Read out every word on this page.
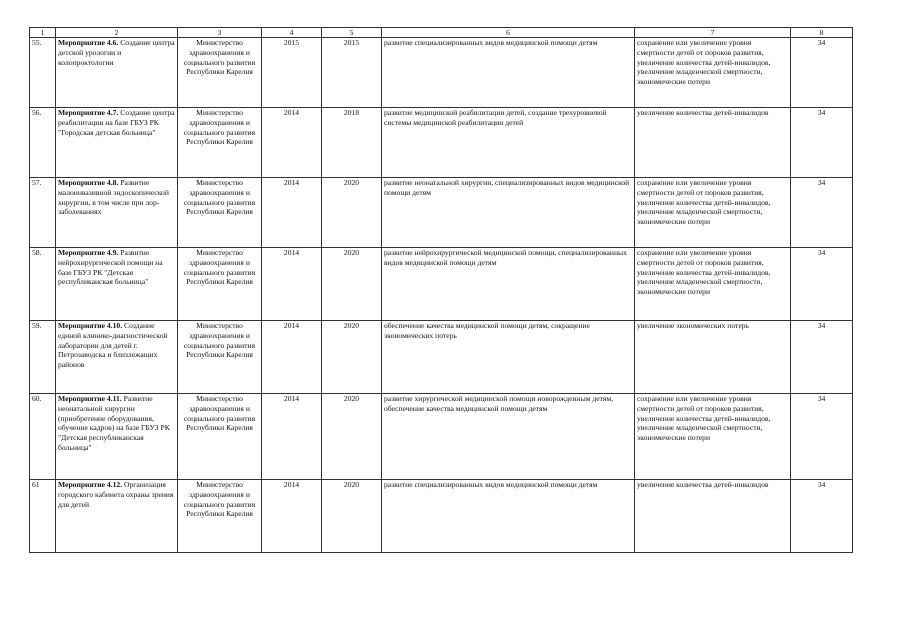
1	2	3	4	5	6	7	8
55.	Мероприятие 4.6. Создание центра детской урологии и колопроктологии	Министерство здравоохранения и социального развития Республики Карелия	2015	2015	развитие специализированных видов медицинской помощи детям	сохранение или увеличение уровня смертности детей от пороков развития, увеличение количества детей-инвалидов, увеличение младенческой смертности, экономические потери	34
56.	Мероприятие 4.7. Создание центра реабилитации на базе ГБУЗ РК "Городская детская больница"	Министерство здравоохранения и социального развития Республики Карелия	2014	2018	развитие медицинской реабилитации детей, создание трехуровневой системы медицинской реабилитации детей	увеличение количества детей-инвалидов	34
57.	Мероприятие 4.8. Развитие малоинвазивной эндоскопической хирургии, в том числе при лор-заболеваниях	Министерство здравоохранения и социального развития Республики Карелия	2014	2020	развитие неонатальной хирургии, специализированных видов медицинской помощи детям	сохранение или увеличение уровня смертности детей от пороков развития, увеличение количества детей-инвалидов, увеличение младенческой смертности, экономические потери	34
58.	Мероприятие 4.9. Развитие нейрохирургической помощи на базе ГБУЗ РК "Детская республиканская больница"	Министерство здравоохранения и социального развития Республики Карелия	2014	2020	развитие нейрохирургической медицинской помощи, специализированных видов медицинской помощи детям	сохранение или увеличение уровня смертности детей от пороков развития, увеличение количества детей-инвалидов, увеличение младенческой смертности, экономические потери	34
59.	Мероприятие 4.10. Создание единой клинико-диагностической лаборатории для детей г. Петрозаводска и близлежащих районов	Министерство здравоохранения и социального развития Республики Карелия	2014	2020	обеспечение качества медицинской помощи детям, сокращение экономических потерь	увеличение экономических потерь	34
60.	Мероприятие 4.11. Развитие неонатальной хирургии (приобретение оборудования, обучение кадров) на базе ГБУЗ РК "Детская республиканская больница"	Министерство здравоохранения и социального развития Республики Карелия	2014	2020	развитие хирургической медицинской помощи новорожденным детям, обеспечение качества медицинской помощи детям	сохранение или увеличение уровня смертности детей от пороков развития, увеличение количества детей-инвалидов, увеличение младенческой смертности, экономические потери	34
61	Мероприятие 4.12. Организация городского кабинета охраны зрения для детей	Министерство здравоохранения и социального развития Республики Карелия	2014	2020	развитие специализированных видов медицинской помощи детям	увеличение количества детей-инвалидов	34
